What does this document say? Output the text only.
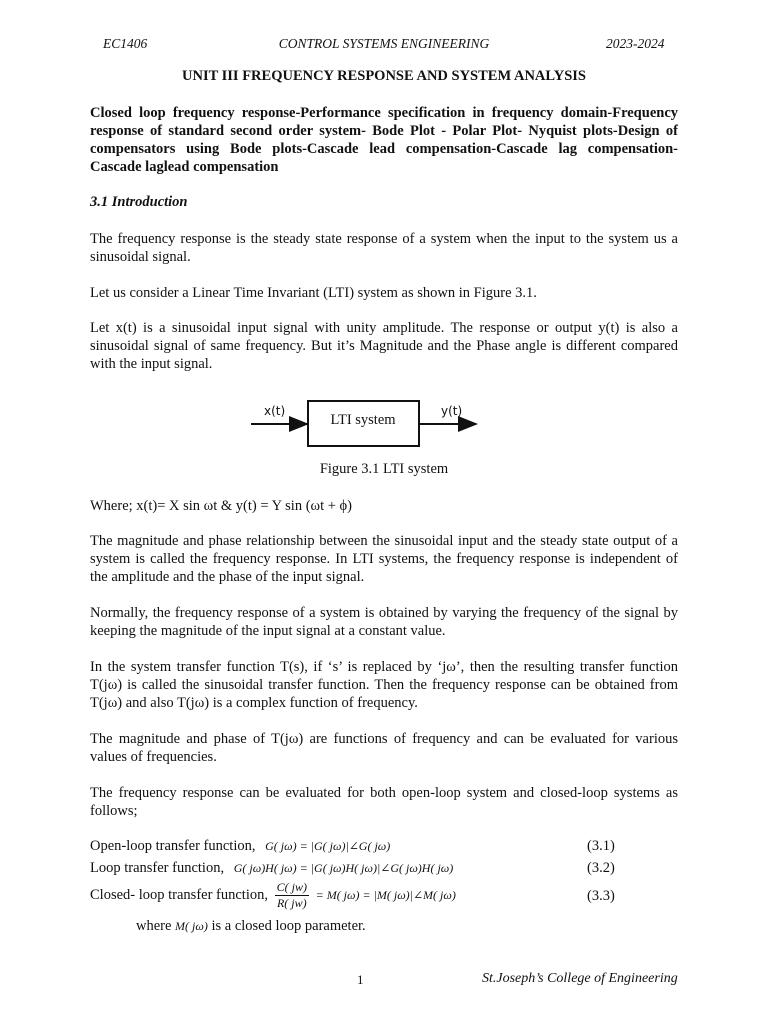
EC1406	CONTROL SYSTEMS ENGINEERING	2023-2024
UNIT III FREQUENCY RESPONSE AND SYSTEM ANALYSIS
Closed loop frequency response-Performance specification in frequency domain-Frequency response of standard second order system- Bode Plot - Polar Plot- Nyquist plots-Design of compensators using Bode plots-Cascade lead compensation-Cascade lag compensation-Cascade laglead compensation
3.1 Introduction
The frequency response is the steady state response of a system when the input to the system us a sinusoidal signal.
Let us consider a Linear Time Invariant (LTI) system as shown in Figure 3.1.
Let x(t) is a sinusoidal input signal with unity amplitude. The response or output y(t) is also a sinusoidal signal of same frequency. But it’s Magnitude and the Phase angle is different compared with the input signal.
x(t)
LTI system
y(t)
Figure 3.1 LTI system
Where; x(t)= X sin ωt & y(t) = Y sin (ωt + ϕ)
The magnitude and phase relationship between the sinusoidal input and the steady state output of a system is called the frequency response. In LTI systems, the frequency response is independent of the amplitude and the phase of the input signal.
Normally, the frequency response of a system is obtained by varying the frequency of the signal by keeping the magnitude of the input signal at a constant value.
In the system transfer function T(s), if ‘s’ is replaced by ‘jω’, then the resulting transfer function T(jω) is called the sinusoidal transfer function. Then the frequency response can be obtained from T(jω) and also T(jω) is a complex function of frequency.
The magnitude and phase of T(jω) are functions of frequency and can be evaluated for various values of frequencies.
The frequency response can be evaluated for both open-loop system and closed-loop systems as follows;
Open-loop transfer function, G( jω) = |G( jω)|∠G( jω)	(3.1)
Loop transfer function, G( jω)H( jω) = |G( jω)H( jω)|∠G( jω)H( jω)	(3.2)
Closed- loop transfer function, $\frac{C( jw)}{R( jw)} = M$( jω) = |M( jω)|∠M( jω)	(3.3)
where M( jω) is a closed loop parameter.
1	St.Joseph’s College of Engineering
